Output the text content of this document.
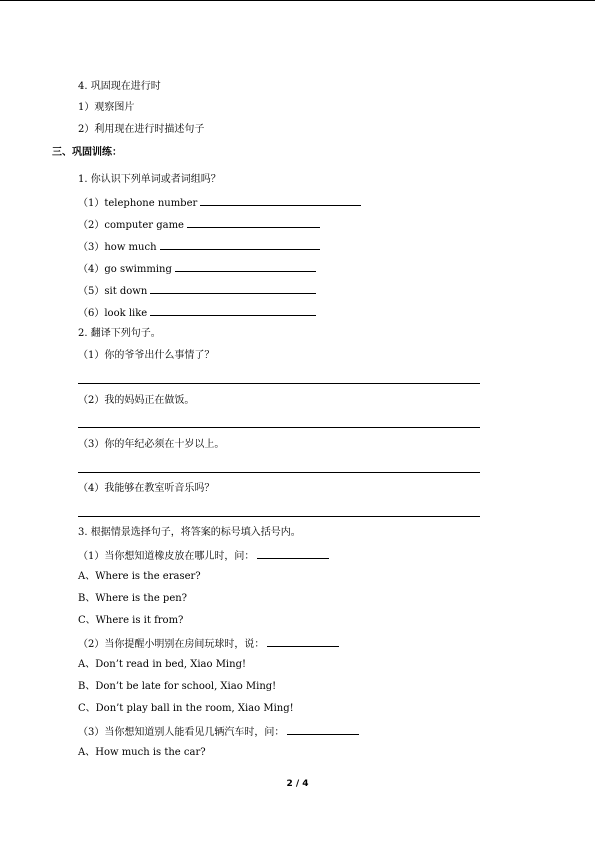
4. 巩固现在进行时
1）观察图片
2）利用现在进行时描述句子
三、巩固训练：
1. 你认识下列单词或者词组吗？
（1）telephone number
（2）computer game
（3）how much
（4）go swimming
（5）sit down
（6）look like
2. 翻译下列句子。
（1）你的爷爷出什么事情了？
（2）我的妈妈正在做饭。
（3）你的年纪必须在十岁以上。
（4）我能够在教室听音乐吗？
3. 根据情景选择句子，将答案的标号填入括号内。
（1）当你想知道橡皮放在哪儿时，问：
A、Where is the eraser?
B、Where is the pen?
C、Where is it from?
（2）当你提醒小明别在房间玩球时，说：
A、Don’t read in bed, Xiao Ming!
B、Don’t be late for school, Xiao Ming!
C、Don’t play ball in the room, Xiao Ming!
（3）当你想知道别人能看见几辆汽车时，问：
A、How much is the car?
2 / 4
